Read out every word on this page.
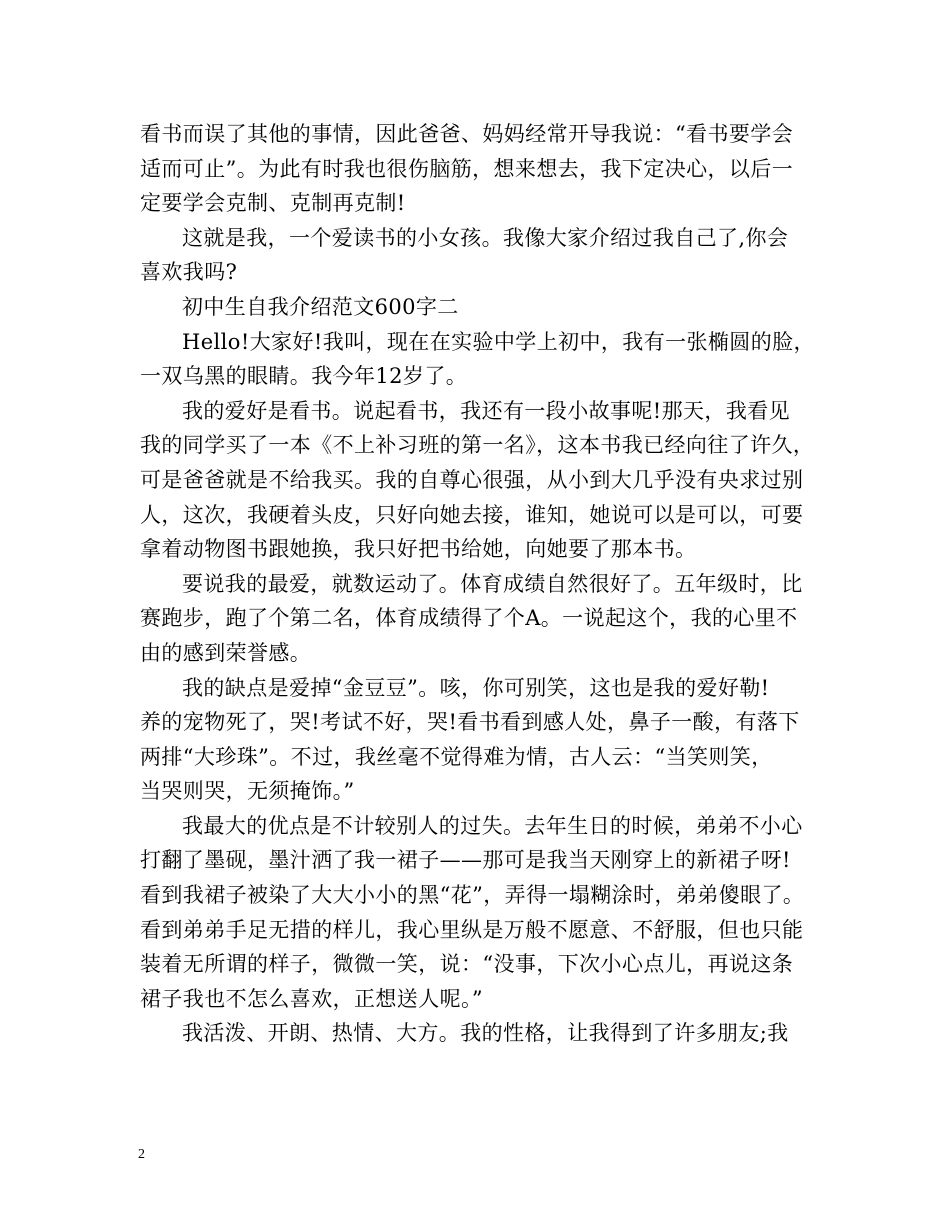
看书而误了其他的事情，因此爸爸、妈妈经常开导我说：“看书要学会
适而可止”。为此有时我也很伤脑筋，想来想去，我下定决心，以后一
定要学会克制、克制再克制!
这就是我，一个爱读书的小女孩。我像大家介绍过我自己了,你会
喜欢我吗?
初中生自我介绍范文600字二
Hello!大家好!我叫，现在在实验中学上初中，我有一张椭圆的脸，
一双乌黑的眼睛。我今年12岁了。
我的爱好是看书。说起看书，我还有一段小故事呢!那天，我看见
我的同学买了一本《不上补习班的第一名》，这本书我已经向往了许久，
可是爸爸就是不给我买。我的自尊心很强，从小到大几乎没有央求过别
人，这次，我硬着头皮，只好向她去接，谁知，她说可以是可以，可要
拿着动物图书跟她换，我只好把书给她，向她要了那本书。
要说我的最爱，就数运动了。体育成绩自然很好了。五年级时，比
赛跑步，跑了个第二名，体育成绩得了个A。一说起这个，我的心里不
由的感到荣誉感。
我的缺点是爱掉“金豆豆”。咳，你可别笑，这也是我的爱好勒!
养的宠物死了，哭!考试不好，哭!看书看到感人处，鼻子一酸，有落下
两排“大珍珠”。不过，我丝毫不觉得难为情，古人云：“当笑则笑，
当哭则哭，无须掩饰。”
我最大的优点是不计较别人的过失。去年生日的时候，弟弟不小心
打翻了墨砚，墨汁洒了我一裙子——那可是我当天刚穿上的新裙子呀!
看到我裙子被染了大大小小的黑“花”，弄得一塌糊涂时，弟弟傻眼了。
看到弟弟手足无措的样儿，我心里纵是万般不愿意、不舒服，但也只能
装着无所谓的样子，微微一笑，说：“没事，下次小心点儿，再说这条
裙子我也不怎么喜欢，正想送人呢。”
我活泼、开朗、热情、大方。我的性格，让我得到了许多朋友;我
2
